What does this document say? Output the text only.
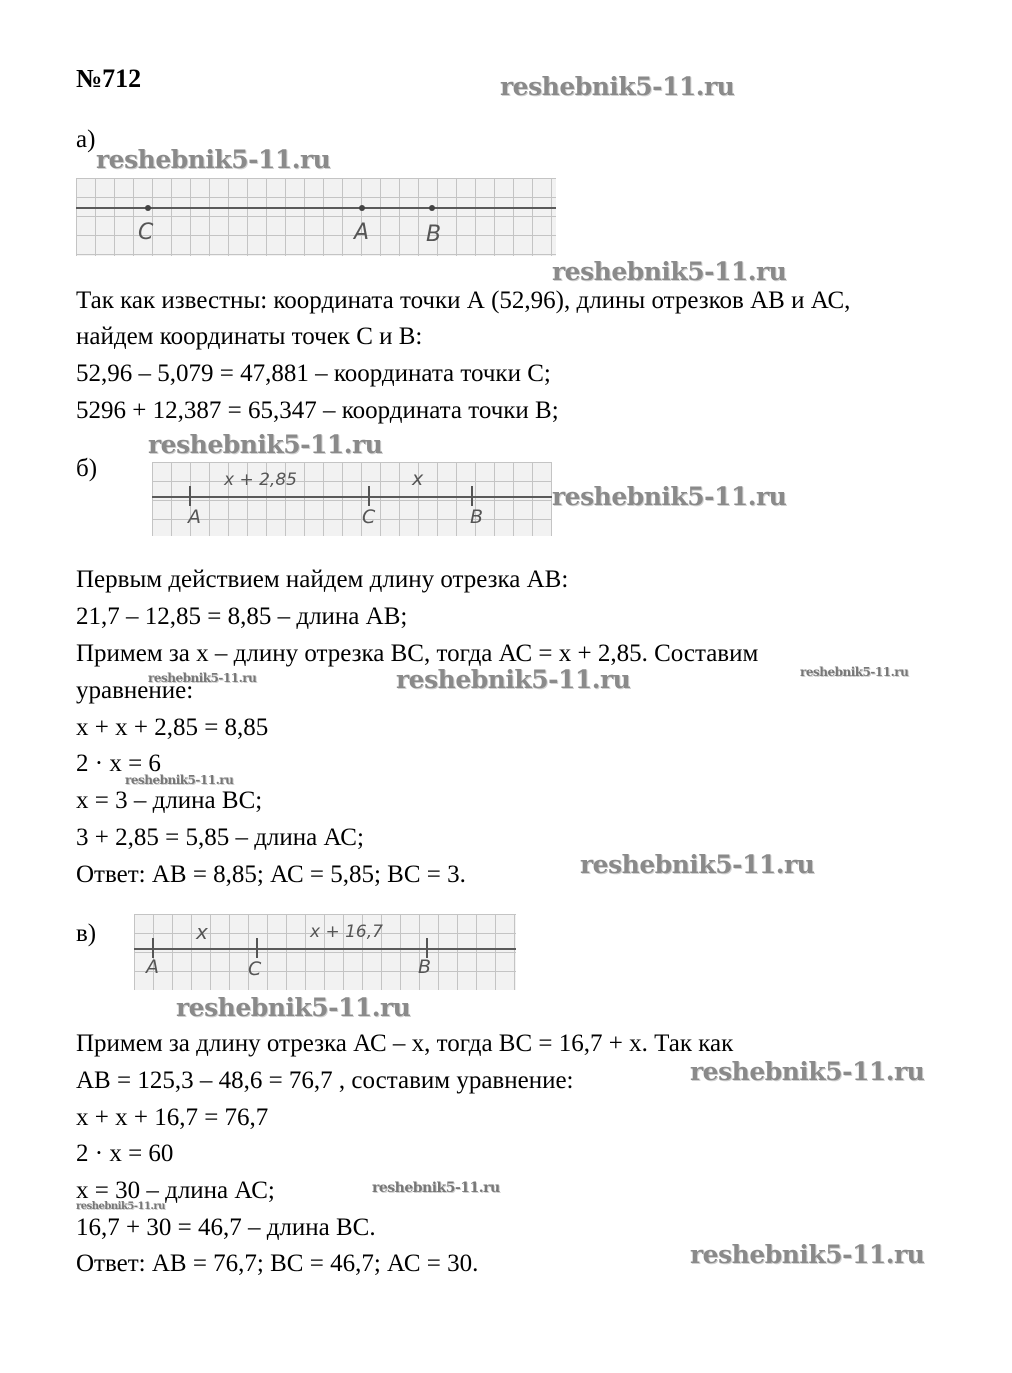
№712	reshebnik5-11.ru
reshebnik5-11.ru
reshebnik5-11.ru
reshebnik5-11.ru
reshebnik5-11.ru
reshebnik5-11.ru
reshebnik5-11.ru	reshebnik5-11.ru
reshebnik5-11.ru
reshebnik5-11.ru
reshebnik5-11.ru
reshebnik5-11.ru
reshebnik5-11.ru
reshebnik5-11.ru
reshebnik5-11.ru
а)
C	A	B
Так как известны: координата точки А (52,96), длины отрезков АВ и АС,
найдем координаты точек С и В:
52,96 – 5,079 = 47,881 – координата точки С;
5296 + 12,387 = 65,347 – координата точки В;
б)	x + 2,85	x
A	C	B
Первым действием найдем длину отрезка АВ:
21,7 – 12,85 = 8,85 – длина АВ;
Примем за х – длину отрезка ВС, тогда АС = х + 2,85. Составим
уравнение:
х + х + 2,85 = 8,85
2 · х = 6
х = 3 – длина ВС;
3 + 2,85 = 5,85 – длина АС;
Ответ: АВ = 8,85; АС = 5,85; ВС = 3.
в)	x	x + 16,7
A	C	B
Примем за длину отрезка АС – х, тогда ВС = 16,7 + х. Так как
АВ = 125,3 – 48,6 = 76,7 , составим уравнение:
х + х + 16,7 = 76,7
2 · х = 60
х = 30 – длина АС;
16,7 + 30 = 46,7 – длина ВС.
Ответ: АВ = 76,7; ВС = 46,7; АС = 30.
